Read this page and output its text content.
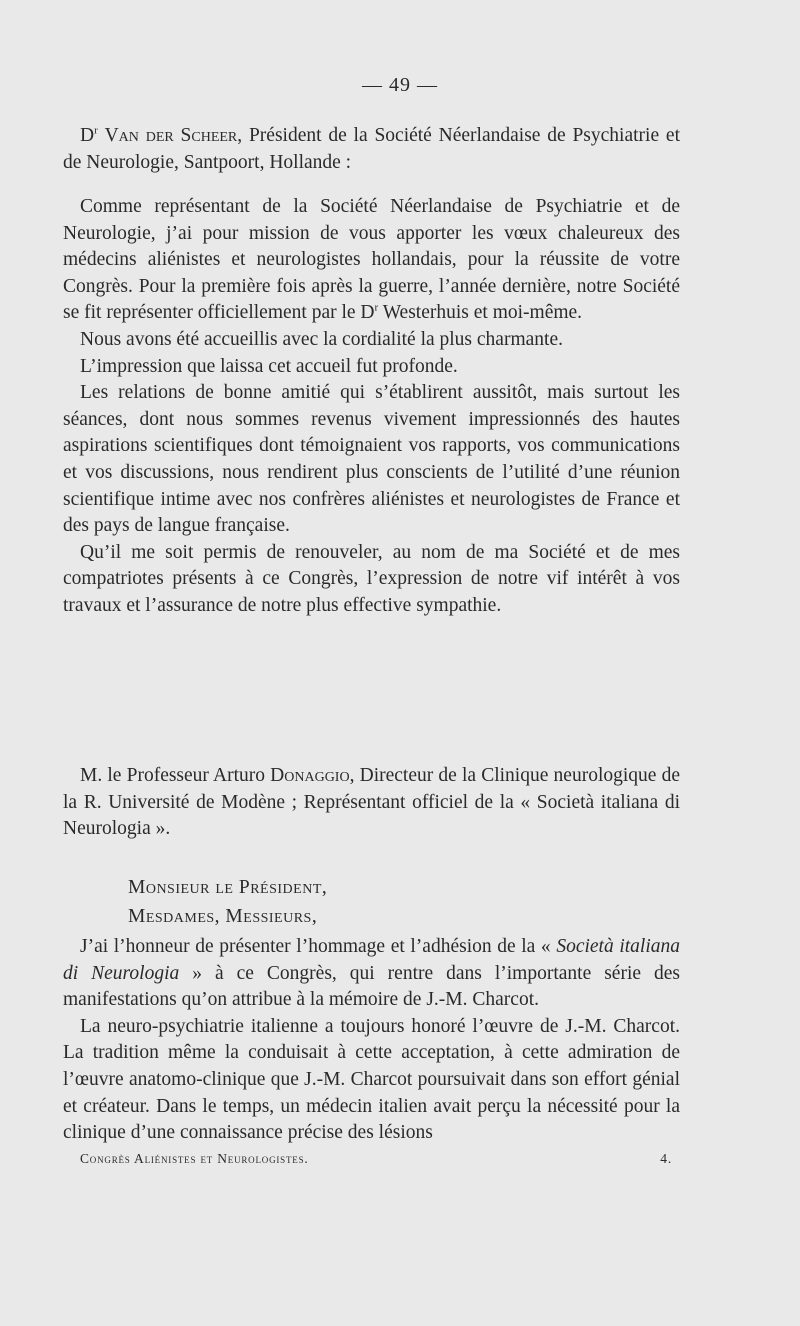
— 49 —

$D^r$ Van der Scheer, Président de la Société Néerlandaise de Psychiatrie et de Neurologie, Santpoort, Hollande :

Comme représentant de la Société Néerlandaise de Psychiatrie et de Neurologie, j’ai pour mission de vous apporter les vœux chaleureux des médecins aliénistes et neurologistes hollandais, pour la réussite de votre Congrès. Pour la première fois après la guerre, l’année dernière, notre Société se fit représenter officiellement par le $D^r$ Westerhuis et moi-même.

Nous avons été accueillis avec la cordialité la plus charmante.

L’impression que laissa cet accueil fut profonde.

Les relations de bonne amitié qui s’établirent aussitôt, mais surtout les séances, dont nous sommes revenus vivement impressionnés des hautes aspirations scientifiques dont témoignaient vos rapports, vos communications et vos discussions, nous rendirent plus conscients de l’utilité d’une réunion scientifique intime avec nos confrères aliénistes et neurologistes de France et des pays de langue française.

Qu’il me soit permis de renouveler, au nom de ma Société et de mes compatriotes présents à ce Congrès, l’expression de notre vif intérêt à vos travaux et l’assurance de notre plus effective sympathie.

M. le Professeur Arturo Donaggio, Directeur de la Clinique neurologique de la R. Université de Modène ; Représentant officiel de la « Società italiana di Neurologia ».

Monsieur le Président,
Mesdames, Messieurs,

J’ai l’honneur de présenter l’hommage et l’adhésion de la « Società italiana di Neurologia » à ce Congrès, qui rentre dans l’importante série des manifestations qu’on attribue à la mémoire de J.-M. Charcot.

La neuro-psychiatrie italienne a toujours honoré l’œuvre de J.-M. Charcot. La tradition même la conduisait à cette acceptation, à cette admiration de l’œuvre anatomo-clinique que J.-M. Charcot poursuivait dans son effort génial et créateur. Dans le temps, un médecin italien avait perçu la nécessité pour la clinique d’une connaissance précise des lésions

Congrès Aliénistes et Neurologistes.	4.
